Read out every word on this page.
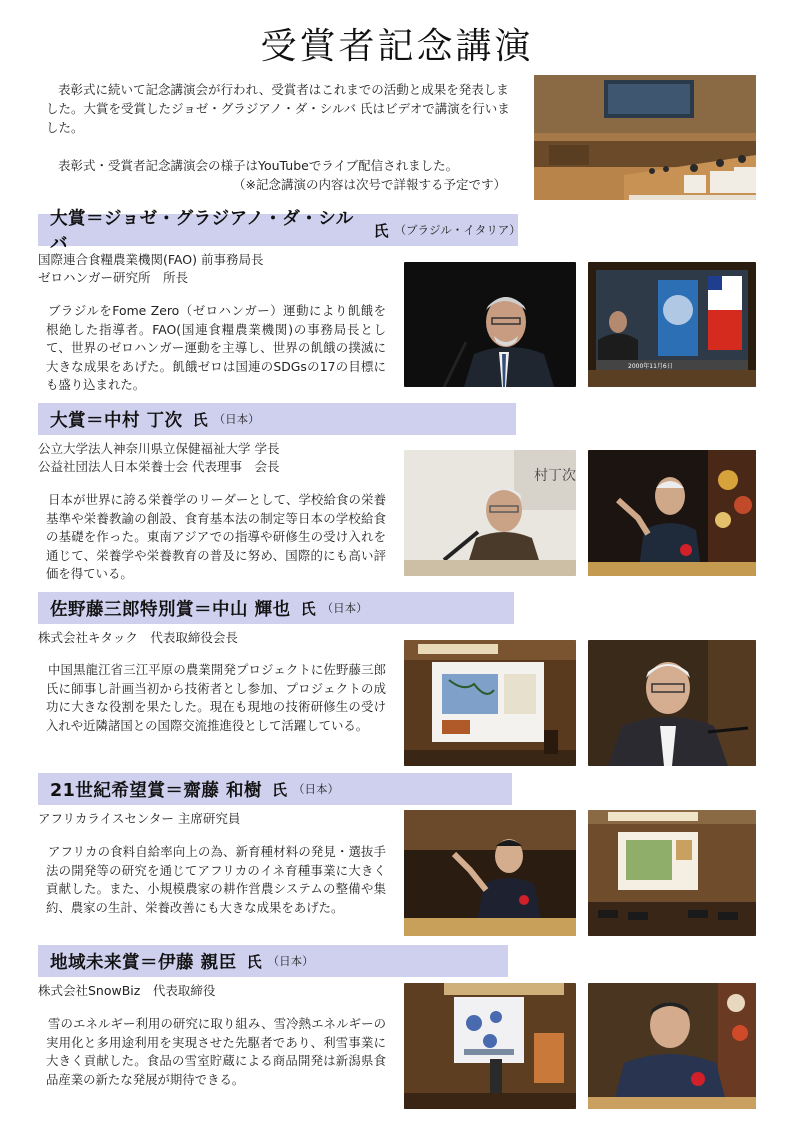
受賞者記念講演

表彰式に続いて記念講演会が行われ、受賞者はこれまでの活動と成果を発表しました。大賞を受賞したジョゼ・グラジアノ・ダ・シルバ 氏はビデオで講演を行いました。

表彰式・受賞者記念講演会の様子はYouTubeでライブ配信されました。

（※記念講演の内容は次号で詳報する予定です）

大賞＝ジョゼ・グラジアノ・ダ・シルバ
氏 （ブラジル・イタリア）
国際連合食糧農業機関(FAO) 前事務局長
ゼロハンガー研究所　所長
ブラジルをFome Zero（ゼロハンガー）運動により飢餓を根絶した指導者。FAO(国連食糧農業機関)の事務局長として、世界のゼロハンガー運動を主導し、世界の飢餓の撲滅に大きな成果をあげた。飢餓ゼロは国連のSDGsの17の目標にも盛り込まれた。
2000年11月6日
大賞＝中村 丁次 氏 （日本）
公立大学法人神奈川県立保健福祉大学 学長
公益社団法人日本栄養士会 代表理事　会長
日本が世界に誇る栄養学のリーダーとして、学校給食の栄養基準や栄養教諭の創設、食育基本法の制定等日本の学校給食の基礎を作った。東南アジアでの指導や研修生の受け入れを通じて、栄養学や栄養教育の普及に努め、国際的にも高い評価を得ている。
村丁次
佐野藤三郎特別賞＝中山 輝也 氏 （日本）
株式会社キタック　代表取締役会長
中国黒龍江省三江平原の農業開発プロジェクトに佐野藤三郎氏に師事し計画当初から技術者とし参加、プロジェクトの成功に大きな役割を果たした。現在も現地の技術研修生の受け入れや近隣諸国との国際交流推進役として活躍している。
21世紀希望賞＝齋藤 和樹 氏 （日本）
アフリカライスセンター 主席研究員
アフリカの食料自給率向上の為、新育種材料の発見・選抜手法の開発等の研究を通じてアフリカのイネ育種事業に大きく貢献した。また、小規模農家の耕作営農システムの整備や集約、農家の生計、栄養改善にも大きな成果をあげた。
地域未来賞＝伊藤 親臣 氏 （日本）
株式会社SnowBiz　代表取締役
雪のエネルギー利用の研究に取り組み、雪冷熱エネルギーの実用化と多用途利用を実現させた先駆者であり、利雪事業に大きく貢献した。食品の雪室貯蔵による商品開発は新潟県食品産業の新たな発展が期待できる。
